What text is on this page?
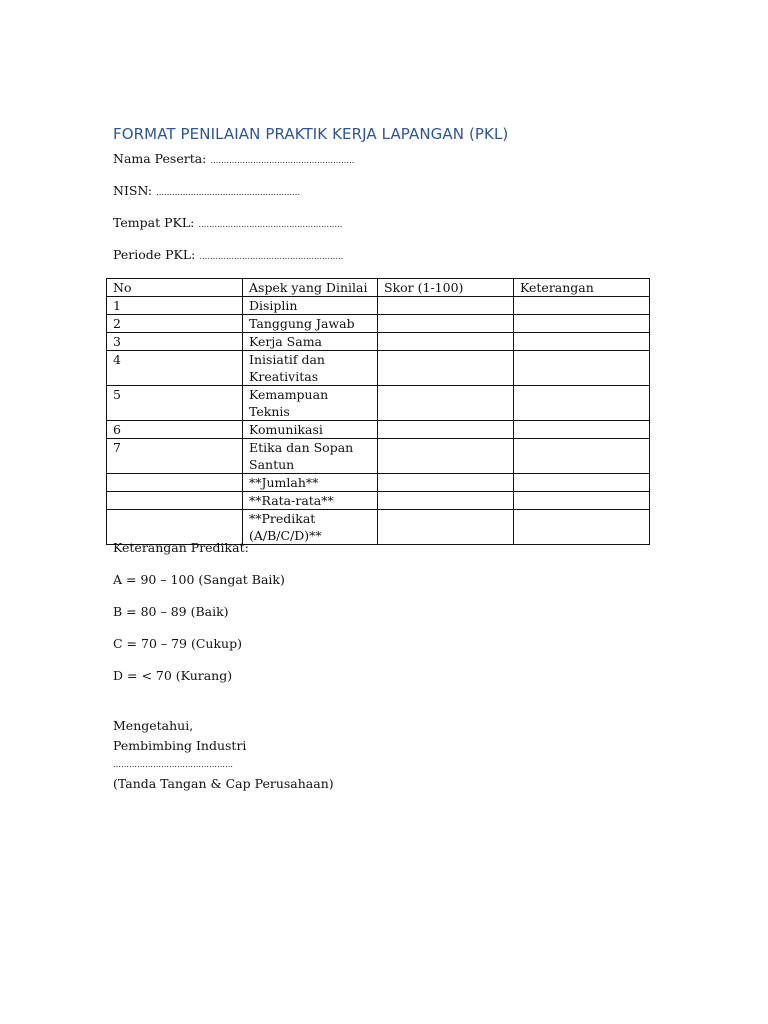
FORMAT PENILAIAN PRAKTIK KERJA LAPANGAN (PKL)
Nama Peserta: ………………………………………………
NISN: ………………………………………………
Tempat PKL: ………………………………………………
Periode PKL: ………………………………………………
No	Aspek yang Dinilai	Skor (1-100)	Keterangan
1	Disiplin		
2	Tanggung Jawab		
3	Kerja Sama		
4	Inisiatif dan Kreativitas		
5	Kemampuan Teknis		
6	Komunikasi		
7	Etika dan Sopan Santun		
	**Jumlah**		
	**Rata-rata**		
	**Predikat (A/B/C/D)**		
Keterangan Predikat:
A = 90 – 100 (Sangat Baik)
B = 80 – 89 (Baik)
C = 70 – 79 (Cukup)
D = < 70 (Kurang)
Mengetahui,
Pembimbing Industri
………………………………………
(Tanda Tangan & Cap Perusahaan)
